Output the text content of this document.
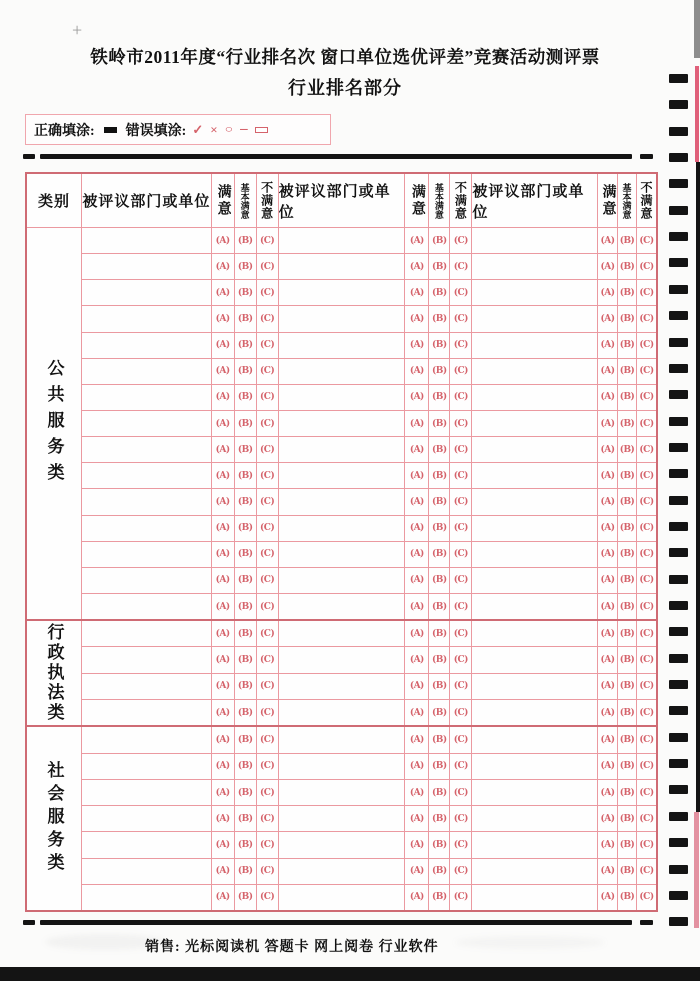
+
铁岭市2011年度“行业排名次 窗口单位选优评差”竞赛活动测评票
行业排名部分
正确填涂: 错误填涂: ✓ × ○ –
类别 被评议部门或单位 满意	基本满意 不满意 被评议部门或单位	满意	基本满意 不满意 被评议部门或单位	满意 基本满意 不满意
公共服务类
(A) (B) (C)	(A) (B) (C)	(A) (B) (C)
(A) (B) (C)	(A) (B) (C)	(A) (B) (C)
(A) (B) (C)	(A) (B) (C)	(A) (B) (C)
(A) (B) (C)	(A) (B) (C)	(A) (B) (C)
(A) (B) (C)	(A) (B) (C)	(A) (B) (C)
(A) (B) (C)	(A) (B) (C)	(A) (B) (C)
(A) (B) (C)	(A) (B) (C)	(A) (B) (C)
(A) (B) (C)	(A) (B) (C)	(A) (B) (C)
(A) (B) (C)	(A) (B) (C)	(A) (B) (C)
(A) (B) (C)	(A) (B) (C)	(A) (B) (C)
(A) (B) (C)	(A) (B) (C)	(A) (B) (C)
(A) (B) (C)	(A) (B) (C)	(A) (B) (C)
(A) (B) (C)	(A) (B) (C)	(A) (B) (C)
(A) (B) (C)	(A) (B) (C)	(A) (B) (C)
(A) (B) (C)	(A) (B) (C)	(A) (B) (C)
行政执法类	(A) (B) (C)	(A) (B) (C)	(A) (B) (C)
(A) (B) (C)	(A) (B) (C)	(A) (B) (C)
(A) (B) (C)	(A) (B) (C)	(A) (B) (C)
(A) (B) (C)	(A) (B) (C)	(A) (B) (C)
社会服务类
(A) (B) (C)	(A) (B) (C)	(A) (B) (C)
(A) (B) (C)	(A) (B) (C)	(A) (B) (C)
(A) (B) (C)	(A) (B) (C)	(A) (B) (C)
(A) (B) (C)	(A) (B) (C)	(A) (B) (C)
(A) (B) (C)	(A) (B) (C)	(A) (B) (C)
(A) (B) (C)	(A) (B) (C)	(A) (B) (C)
(A) (B) (C)	(A) (B) (C)	(A) (B) (C)
销售: 光标阅读机 答题卡 网上阅卷 行业软件
